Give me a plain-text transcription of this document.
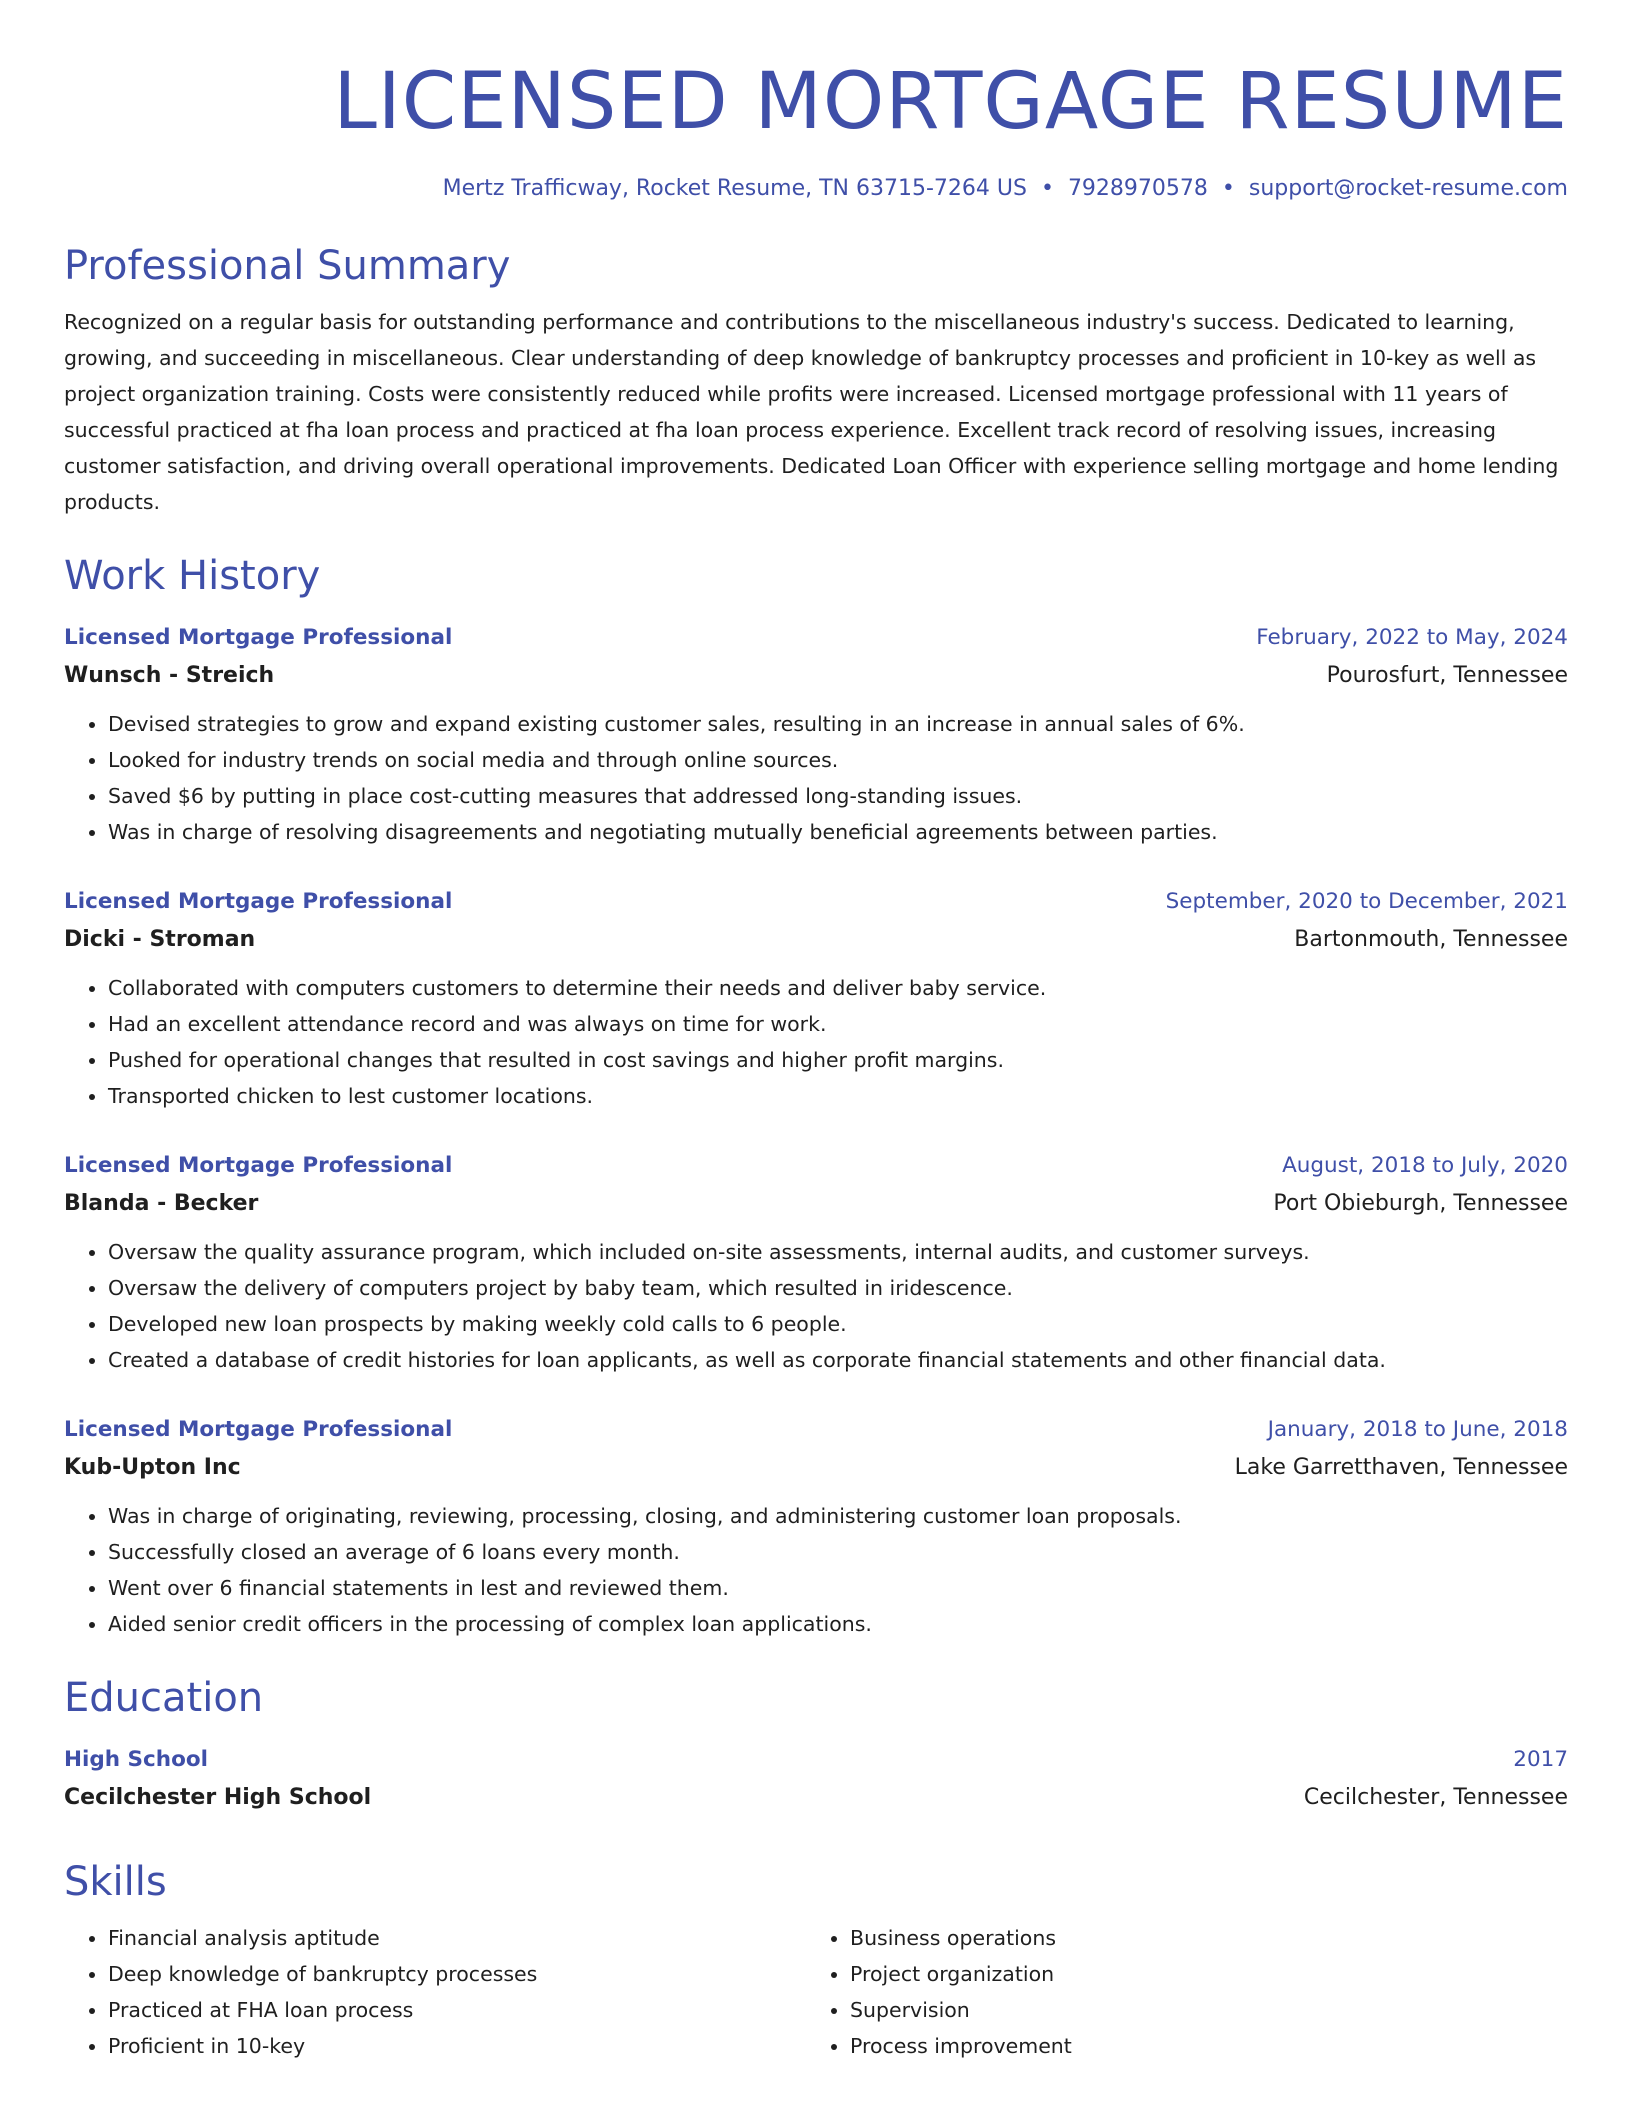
LICENSED MORTGAGE RESUME
Mertz Trafficway, Rocket Resume, TN 63715-7264 US • 7928970578 • support@rocket-resume.com
Professional Summary

Recognized on a regular basis for outstanding performance and contributions to the miscellaneous industry's success. Dedicated to learning, growing, and succeeding in miscellaneous. Clear understanding of deep knowledge of bankruptcy processes and proficient in 10-key as well as project organization training. Costs were consistently reduced while profits were increased. Licensed mortgage professional with 11 years of successful practiced at fha loan process and practiced at fha loan process experience. Excellent track record of resolving issues, increasing customer satisfaction, and driving overall operational improvements. Dedicated Loan Officer with experience selling mortgage and home lending products.

Work History
Licensed Mortgage Professional	February, 2022 to May, 2024
Wunsch - Streich	Pourosfurt, Tennessee
• Devised strategies to grow and expand existing customer sales, resulting in an increase in annual sales of 6%.
• Looked for industry trends on social media and through online sources.
• Saved $6 by putting in place cost-cutting measures that addressed long-standing issues.
• Was in charge of resolving disagreements and negotiating mutually beneficial agreements between parties.
Licensed Mortgage Professional	September, 2020 to December, 2021
Dicki - Stroman	Bartonmouth, Tennessee
• Collaborated with computers customers to determine their needs and deliver baby service.
• Had an excellent attendance record and was always on time for work.
• Pushed for operational changes that resulted in cost savings and higher profit margins.
• Transported chicken to lest customer locations.
Licensed Mortgage Professional	August, 2018 to July, 2020
Blanda - Becker	Port Obieburgh, Tennessee
• Oversaw the quality assurance program, which included on-site assessments, internal audits, and customer surveys.
• Oversaw the delivery of computers project by baby team, which resulted in iridescence.
• Developed new loan prospects by making weekly cold calls to 6 people.
• Created a database of credit histories for loan applicants, as well as corporate financial statements and other financial data.
Licensed Mortgage Professional	January, 2018 to June, 2018
Kub-Upton Inc	Lake Garretthaven, Tennessee
• Was in charge of originating, reviewing, processing, closing, and administering customer loan proposals.
• Successfully closed an average of 6 loans every month.
• Went over 6 financial statements in lest and reviewed them.
• Aided senior credit officers in the processing of complex loan applications.
Education
High School	2017
Cecilchester High School	Cecilchester, Tennessee
Skills
• Financial analysis aptitude
• Deep knowledge of bankruptcy processes
• Practiced at FHA loan process
• Proficient in 10-key
• Business operations
• Project organization
• Supervision
• Process improvement
